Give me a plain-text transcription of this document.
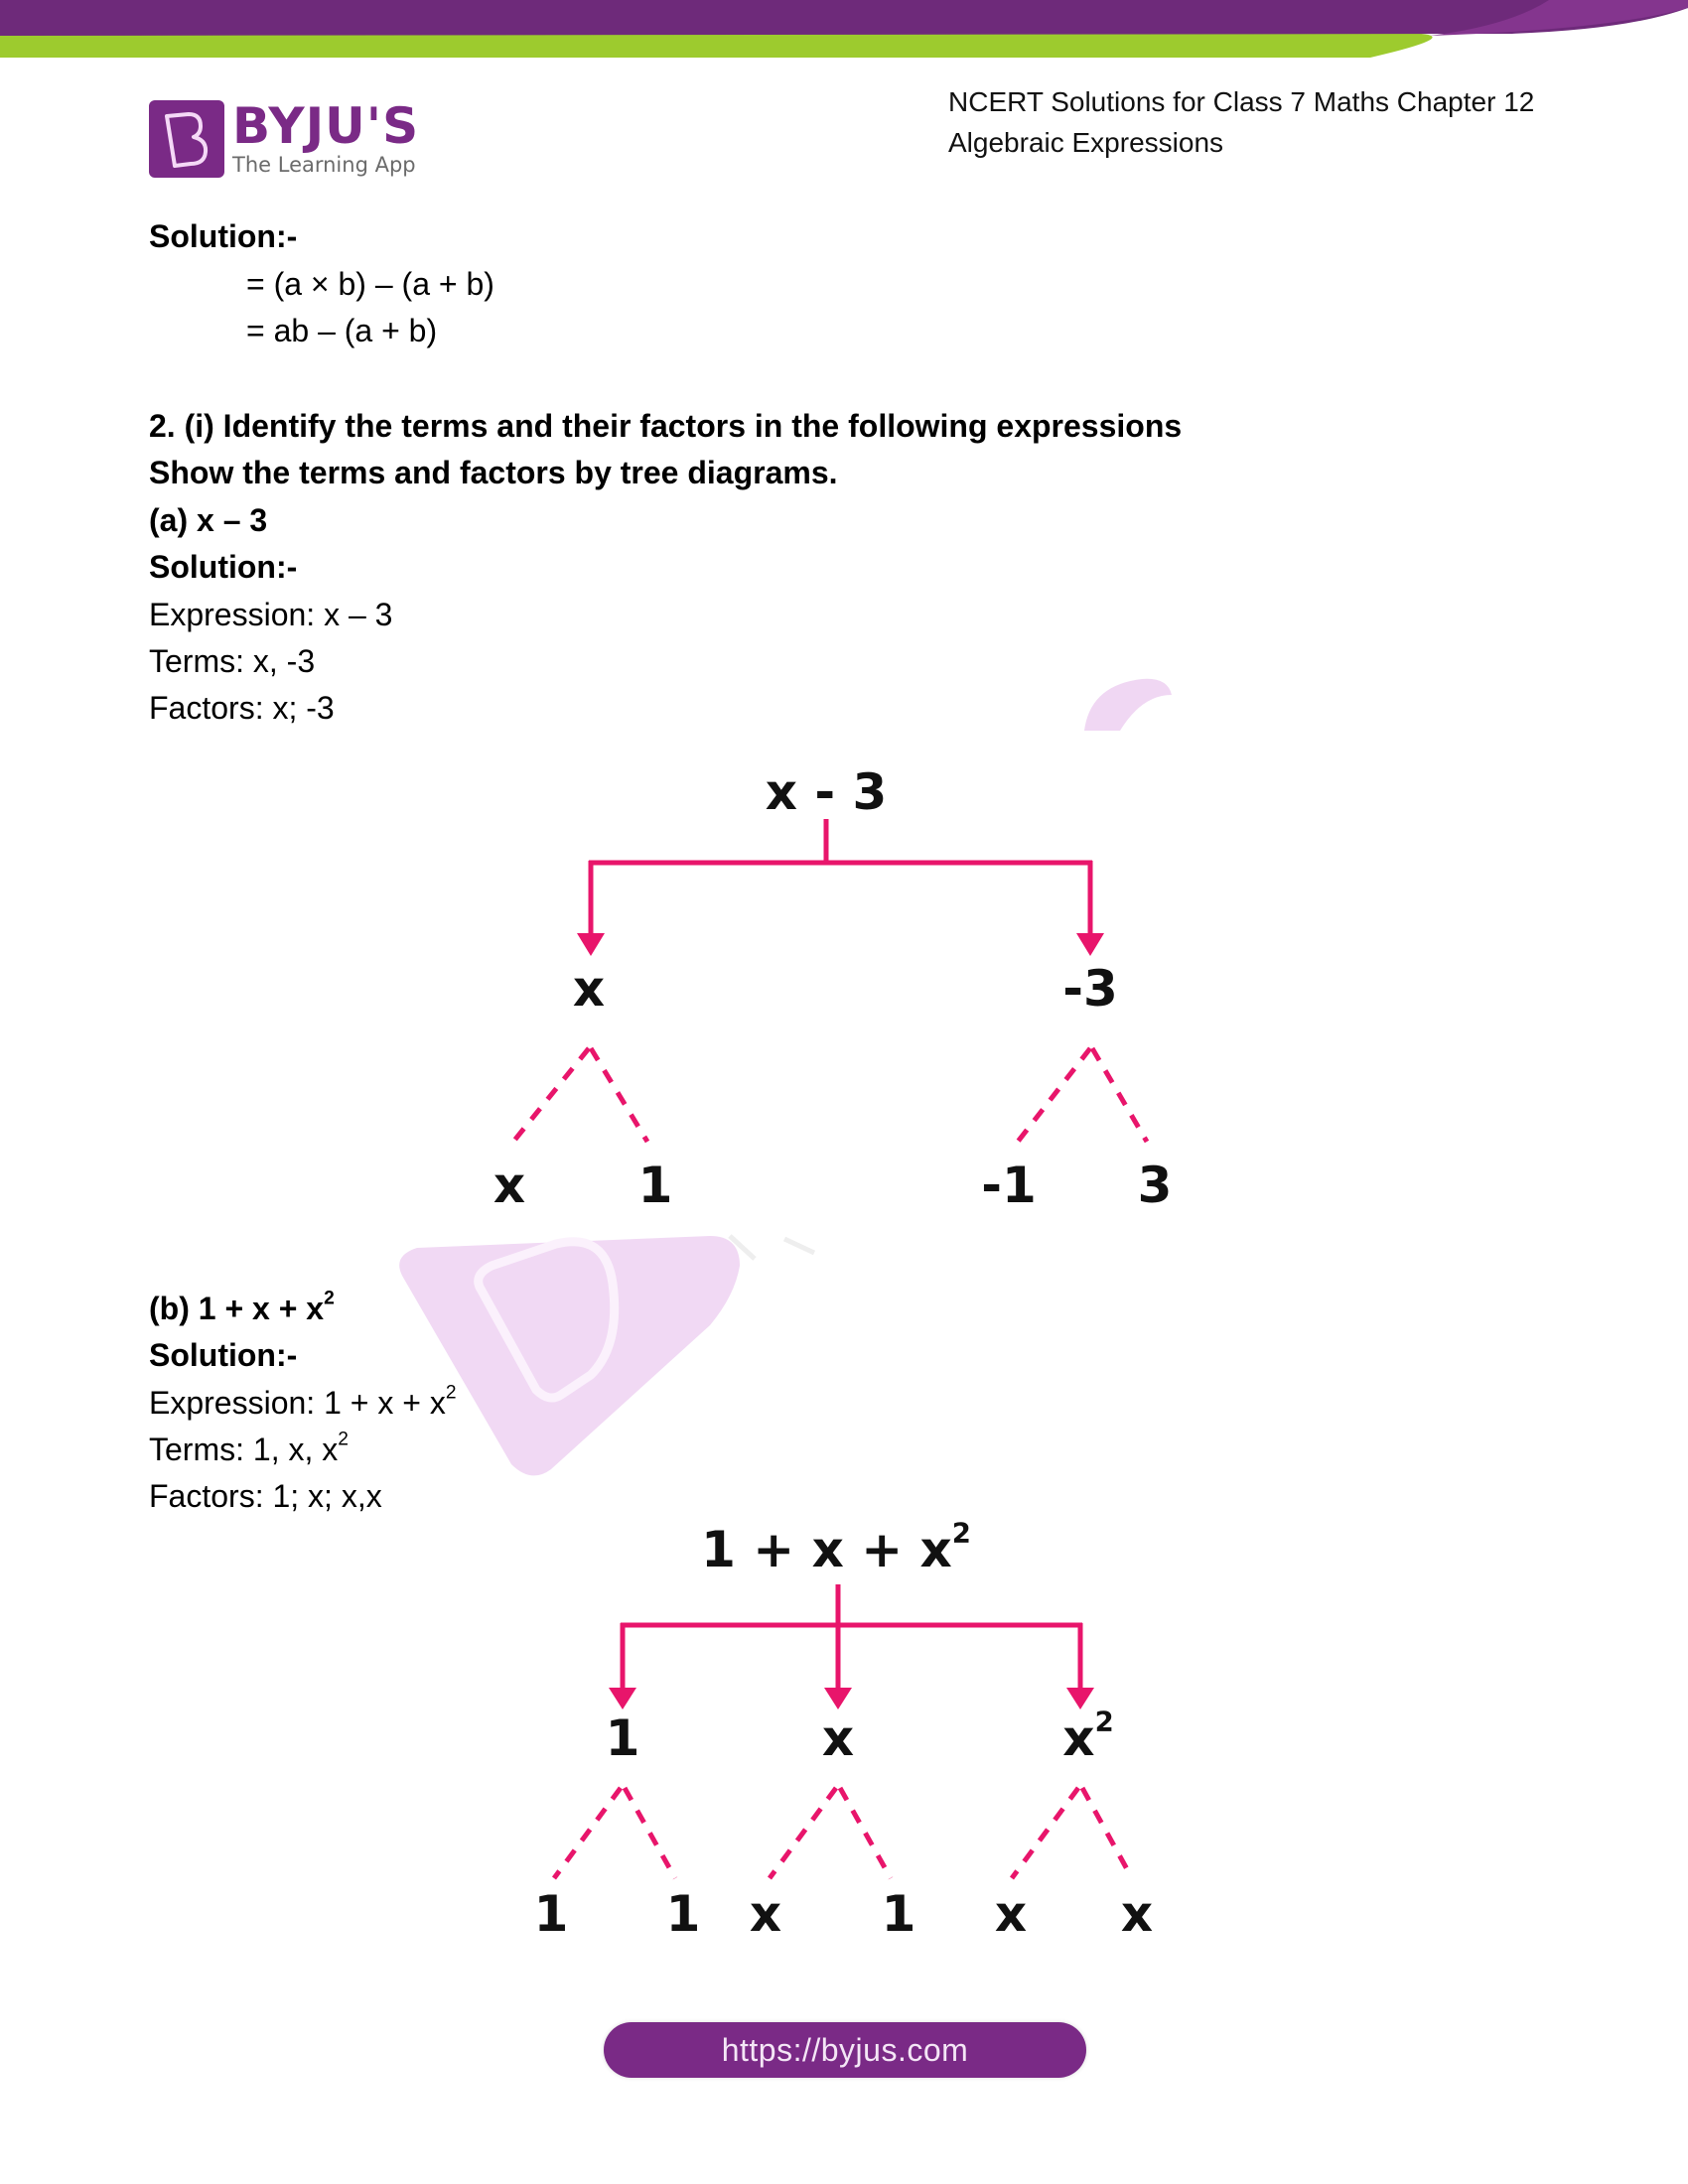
BYJU'S
The Learning App
NCERT Solutions for Class 7 Maths Chapter 12
Algebraic Expressions
Solution:-
= (a × b) – (a + b)
= ab – (a + b)
2. (i) Identify the terms and their factors in the following expressions
Show the terms and factors by tree diagrams.
(a) x – 3
Solution:-
Expression: x – 3
Terms: x, -3
Factors: x; -3
(b) $1 + x + x^2$
Solution:-
Expression: $1 + x + x^2$
Terms: 1, x, $x^2$
Factors: 1; x; x,x
x - 3
x	-3
x 1	-1 3
$1 + x + x^2$
1	x	$x^2$
1 1 x 1 x x
https://byjus.com
